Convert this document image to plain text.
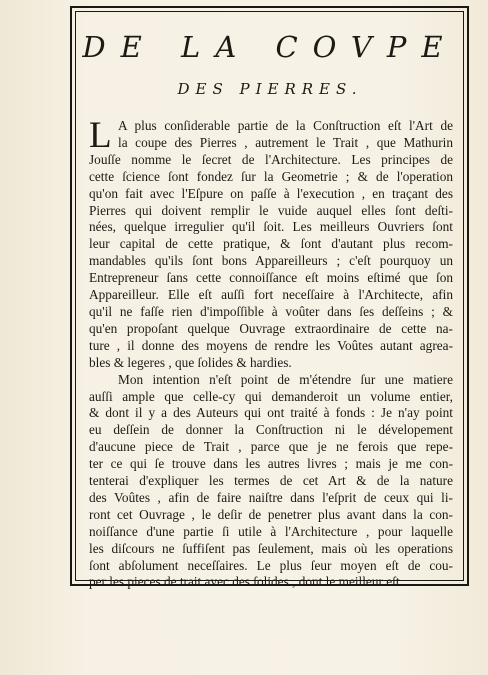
DE LA COVPE
DES PIERRES.
L A plus conſiderable partie de la Conſtruction eſt l'Art de
la coupe des Pierres , autrement le Trait , que Mathurin
Jouſſe nomme le ſecret de l'Architecture. Les principes de
cette ſcience ſont fondez ſur la Geometrie ; & de l'operation
qu'on fait avec l'Eſpure on paſſe à l'execution , en traçant des
Pierres qui doivent remplir le vuide auquel elles ſont deſti-
nées, quelque irregulier qu'il ſoit. Les meilleurs Ouvriers ſont
leur capital de cette pratique, & ſont d'autant plus recom-
mandables qu'ils ſont bons Appareilleurs ; c'eſt pourquoy un
Entrepreneur ſans cette connoiſſance eſt moins eſtimé que ſon
Appareilleur. Elle eſt auſſi fort neceſſaire à l'Architecte, afin
qu'il ne faſſe rien d'impoſſible à voûter dans ſes deſſeins ; &
qu'en propoſant quelque Ouvrage extraordinaire de cette na-
ture , il donne des moyens de rendre les Voûtes autant agrea-
bles & legeres , que ſolides & hardies.
Mon intention n'eſt point de m'étendre ſur une matiere
auſſi ample que celle-cy qui demanderoit un volume entier,
& dont il y a des Auteurs qui ont traité à fonds : Je n'ay point
eu deſſein de donner la Conſtruction ni le dévelopement
d'aucune piece de Trait , parce que je ne ferois que repe-
ter ce qui ſe trouve dans les autres livres ; mais je me con-
tenterai d'expliquer les termes de cet Art & de la nature
des Voûtes , afin de faire naiſtre dans l'eſprit de ceux qui li-
ront cet Ouvrage , le deſir de penetrer plus avant dans la con-
noiſſance d'une partie ſi utile à l'Architecture , pour laquelle
les diſcours ne ſuffiſent pas ſeulement, mais où les operations
ſont abſolument neceſſaires. Le plus ſeur moyen eſt de cou-
per les pieces de trait avec des ſolides , dont le meilleur eſt
